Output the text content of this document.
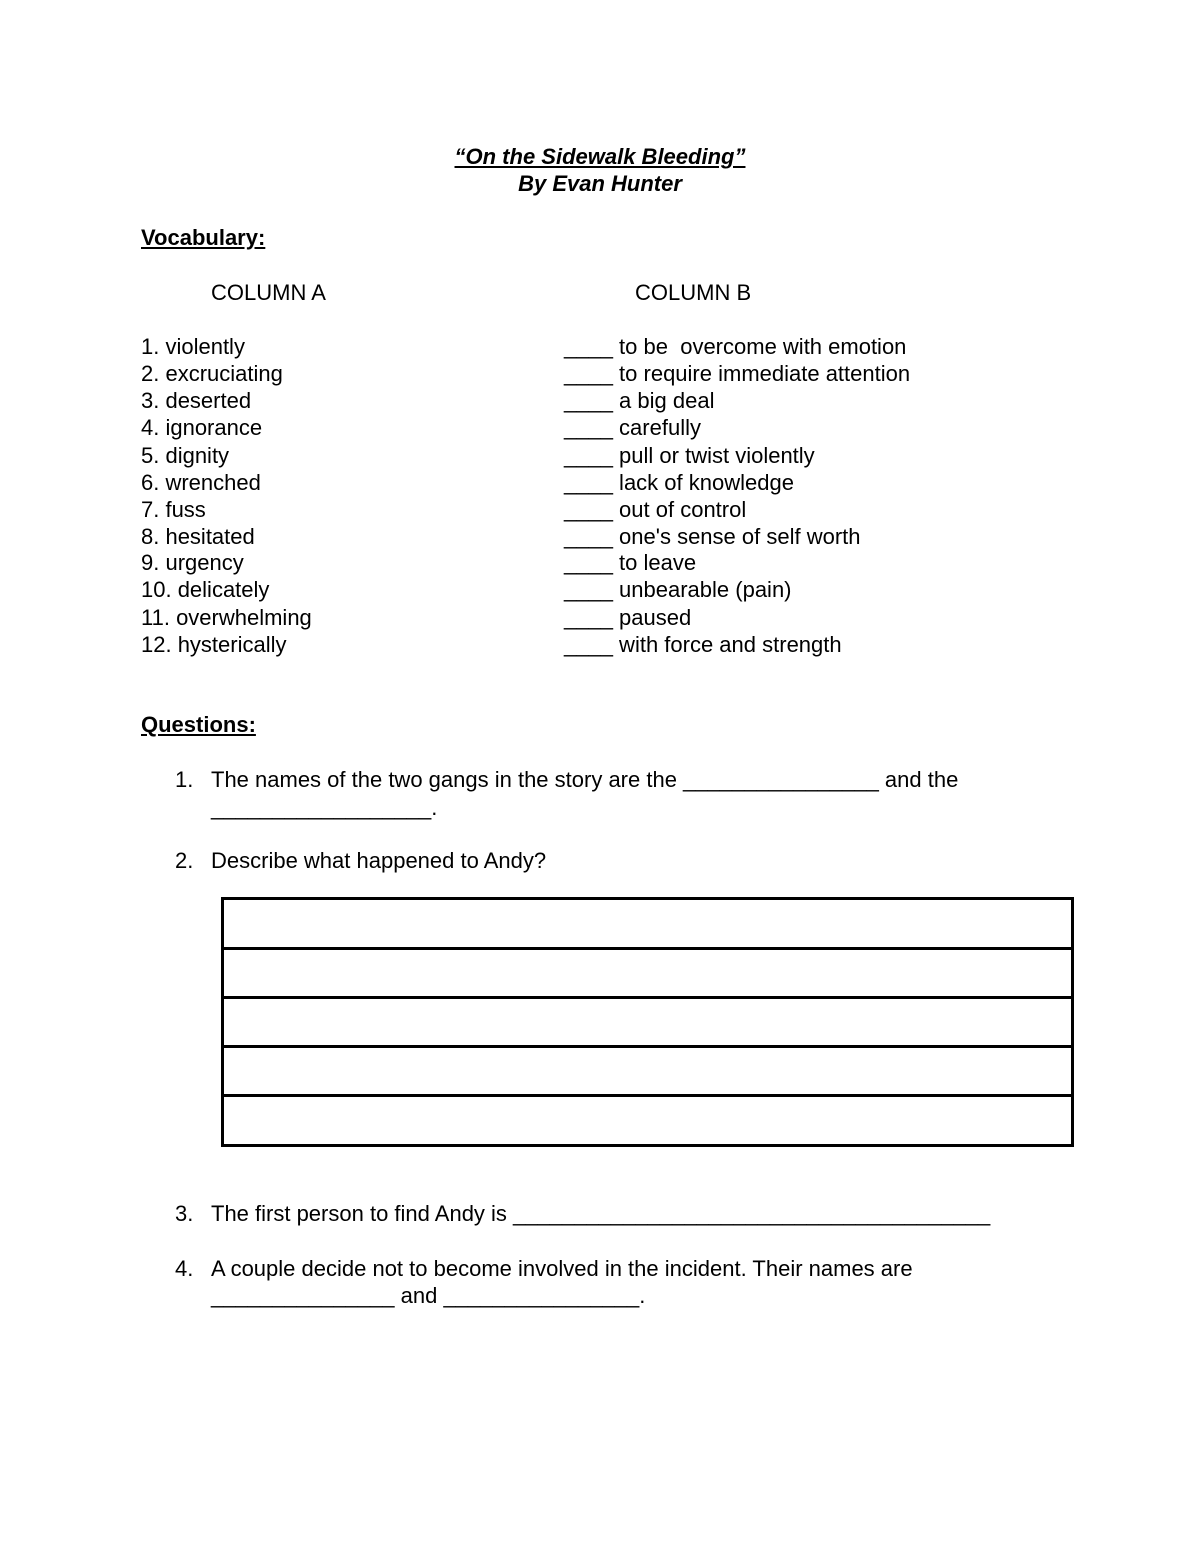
“On the Sidewalk Bleeding”
By Evan Hunter
Vocabulary:
COLUMN A	COLUMN B
1. violently
2. excruciating
3. deserted
4. ignorance
5. dignity
6. wrenched
7. fuss
8. hesitated
9. urgency
10. delicately
11. overwhelming
12. hysterically
____ to be  overcome with emotion
____ to require immediate attention
____ a big deal
____ carefully
____ pull or twist violently
____ lack of knowledge
____ out of control
____ one's sense of self worth
____ to leave
____ unbearable (pain)
____ paused
____ with force and strength
Questions:
1. The names of the two gangs in the story are the ________________ and the
__________________.
2. Describe what happened to Andy?
3. The first person to find Andy is _______________________________________
4. A couple decide not to become involved in the incident. Their names are
_______________ and ________________.
